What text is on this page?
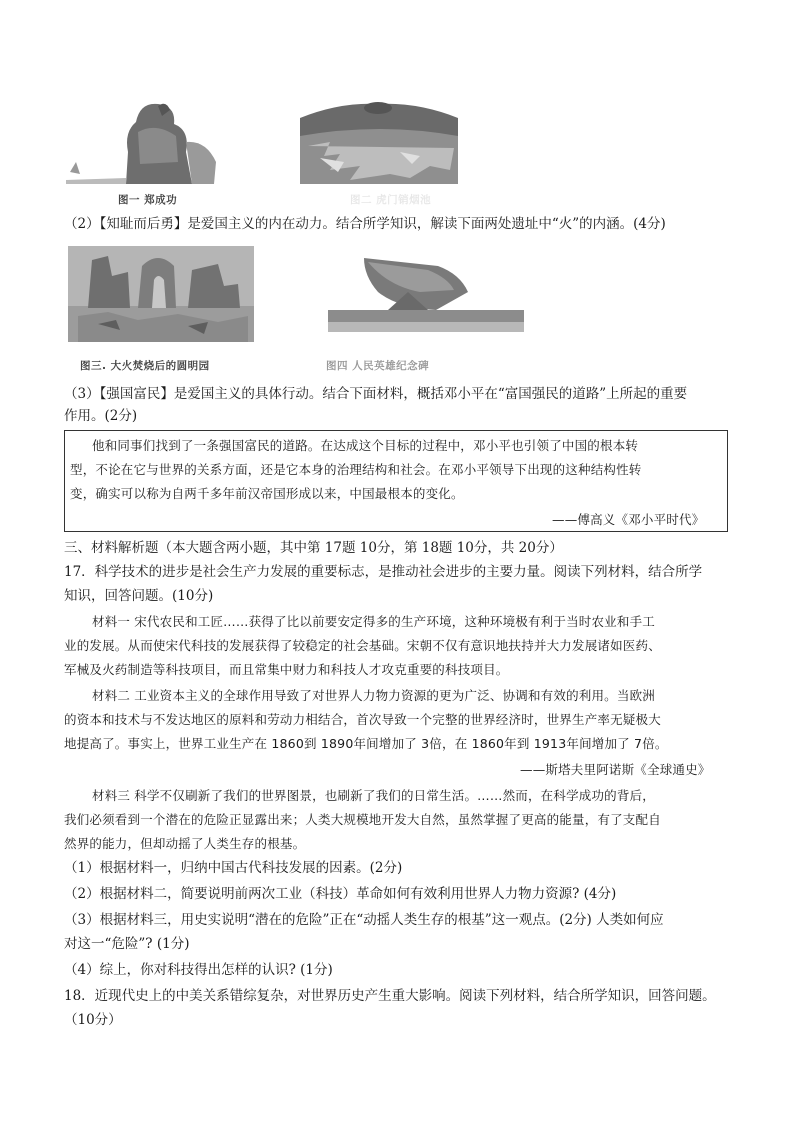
图一 郑成功	图二 虎门销烟池
（2）【知耻而后勇】是爱国主义的内在动力。结合所学知识，解读下面两处遗址中“火”的内涵。(4分)
图三. 大火焚烧后的圆明园	图四 人民英雄纪念碑
（3）【强国富民】是爱国主义的具体行动。结合下面材料，概括邓小平在“富国强民的道路”上所起的重要
作用。(2分)
他和同事们找到了一条强国富民的道路。在达成这个目标的过程中，邓小平也引领了中国的根本转
型，不论在它与世界的关系方面，还是它本身的治理结构和社会。在邓小平领导下出现的这种结构性转
变，确实可以称为自两千多年前汉帝国形成以来，中国最根本的变化。
——傅高义《邓小平时代》
三、材料解析题（本大题含两小题，其中第 17题 10分，第 18题 10分，共 20分）
17．科学技术的进步是社会生产力发展的重要标志，是推动社会进步的主要力量。阅读下列材料，结合所学
知识，回答问题。(10分)
材料一 宋代农民和工匠……获得了比以前要安定得多的生产环境，这种环境极有利于当时农业和手工
业的发展。从而使宋代科技的发展获得了较稳定的社会基础。宋朝不仅有意识地扶持并大力发展诸如医药、
军械及火药制造等科技项目，而且常集中财力和科技人才攻克重要的科技项目。
材料二 工业资本主义的全球作用导致了对世界人力物力资源的更为广泛、协调和有效的利用。当欧洲
的资本和技术与不发达地区的原料和劳动力相结合，首次导致一个完整的世界经济时，世界生产率无疑极大
地提高了。事实上，世界工业生产在 1860到 1890年间增加了 3倍，在 1860年到 1913年间增加了 7倍。
——斯塔夫里阿诺斯《全球通史》
材料三 科学不仅刷新了我们的世界图景，也刷新了我们的日常生活。……然而，在科学成功的背后，
我们必须看到一个潜在的危险正显露出来；人类大规模地开发大自然，虽然掌握了更高的能量，有了支配自
然界的能力，但却动摇了人类生存的根基。
（1）根据材料一，归纳中国古代科技发展的因素。(2分)
（2）根据材料二，简要说明前两次工业（科技）革命如何有效利用世界人力物力资源? (4分)
（3）根据材料三，用史实说明“潜在的危险”正在“动摇人类生存的根基”这一观点。(2分) 人类如何应
对这一“危险”? (1分)
（4）综上，你对科技得出怎样的认识? (1分)
18．近现代史上的中美关系错综复杂，对世界历史产生重大影响。阅读下列材料，结合所学知识，回答问题。
（10分）
